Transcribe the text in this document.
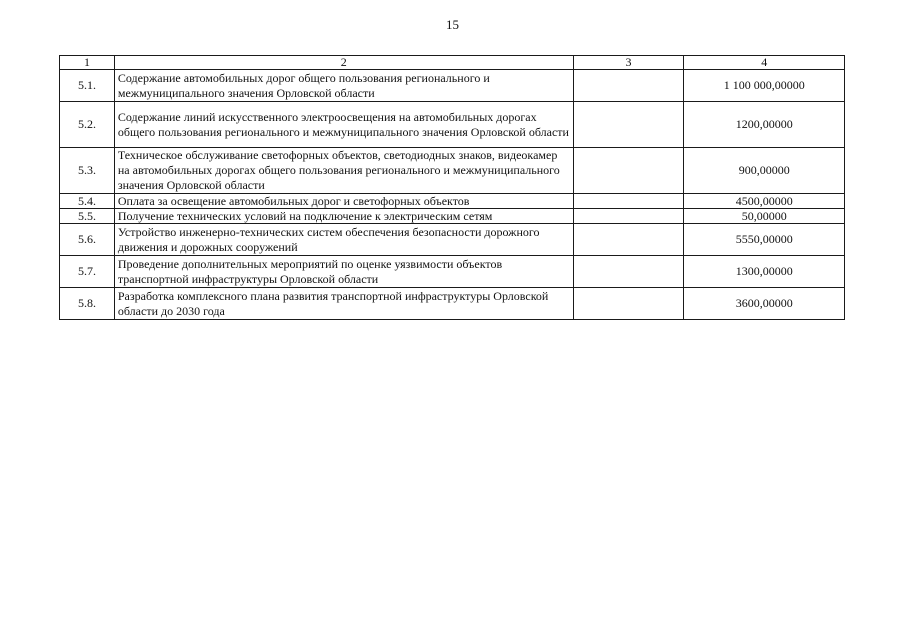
15
1	2	3	4
5.1.	Содержание автомобильных дорог общего пользования регионального и межмуниципального значения Орловской области		1 100 000,00000
5.2.	Содержание линий искусственного электроосвещения на автомобильных дорогах общего пользования регионального и межмуниципального значения Орловской области		1200,00000
5.3.	Техническое обслуживание светофорных объектов, светодиодных знаков, видеокамер на автомобильных дорогах общего пользования регионального и межмуниципального значения Орловской области		900,00000
5.4.	Оплата за освещение автомобильных дорог и светофорных объектов		4500,00000
5.5.	Получение технических условий на подключение к электрическим сетям		50,00000
5.6.	Устройство инженерно-технических систем обеспечения безопасности дорожного движения и дорожных сооружений		5550,00000
5.7.	Проведение дополнительных мероприятий по оценке уязвимости объектов транспортной инфраструктуры Орловской области		1300,00000
5.8.	Разработка комплексного плана развития транспортной инфраструктуры Орловской области до 2030 года		3600,00000
